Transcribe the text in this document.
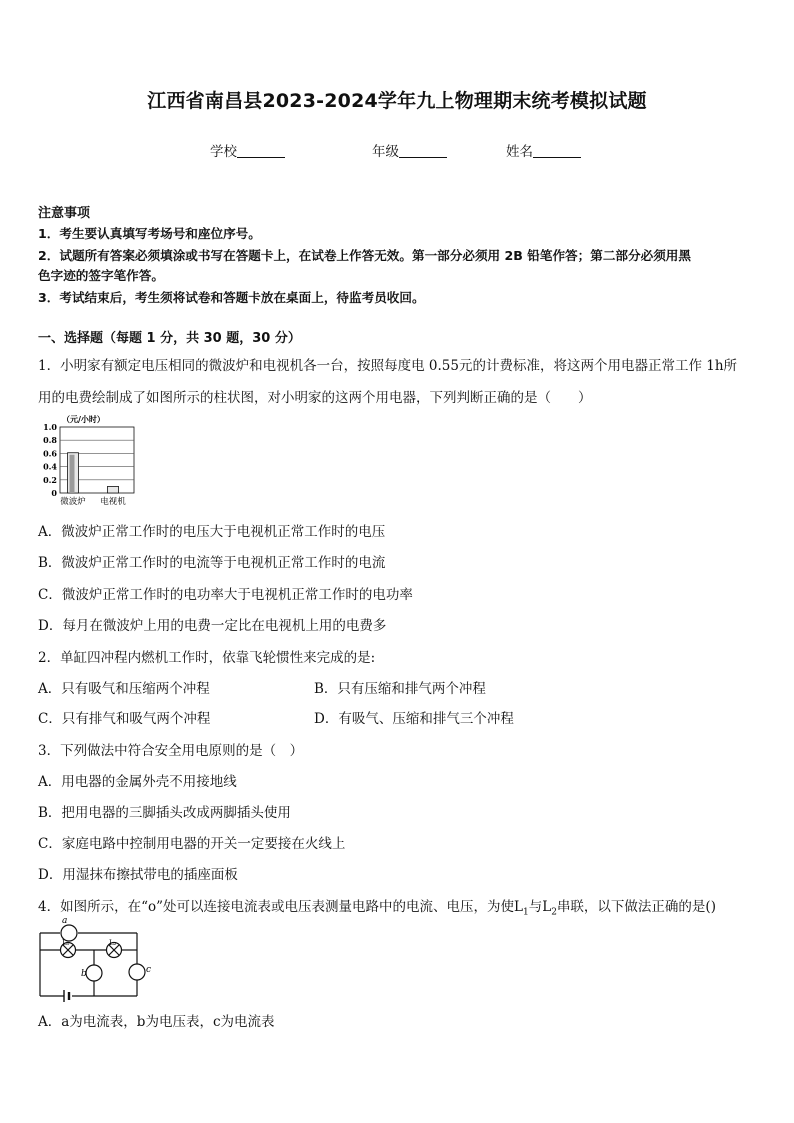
江西省南昌县2023-2024学年九上物理期末统考模拟试题
学校	年级	姓名
注意事项
1．考生要认真填写考场号和座位序号。
2．试题所有答案必须填涂或书写在答题卡上，在试卷上作答无效。第一部分必须用 2B 铅笔作答；第二部分必须用黑
色字迹的签字笔作答。
3．考试结束后，考生须将试卷和答题卡放在桌面上，待监考员收回。
一、选择题（每题 1 分，共 30 题，30 分）
1．小明家有额定电压相同的微波炉和电视机各一台，按照每度电 0.55元的计费标准，将这两个用电器正常工作 1h所
用的电费绘制成了如图所示的柱状图，对小明家的这两个用电器，下列判断正确的是（　　）
（元/小时）
1.0
0.8
0.6
0.4
0.2
0
微波炉 电视机
A．微波炉正常工作时的电压大于电视机正常工作时的电压
B．微波炉正常工作时的电流等于电视机正常工作时的电流
C．微波炉正常工作时的电功率大于电视机正常工作时的电功率
D．每月在微波炉上用的电费一定比在电视机上用的电费多
2．单缸四冲程内燃机工作时，依靠飞轮惯性来完成的是:
A．只有吸气和压缩两个冲程	B．只有压缩和排气两个冲程
C．只有排气和吸气两个冲程	D．有吸气、压缩和排气三个冲程
3．下列做法中符合安全用电原则的是（　）
A．用电器的金属外壳不用接地线
B．把用电器的三脚插头改成两脚插头使用
C．家庭电路中控制用电器的开关一定要接在火线上
D．用湿抹布擦拭带电的插座面板
4．如图所示，在“o”处可以连接电流表或电压表测量电路中的电流、电压，为使$L_1$与$L_2$串联，以下做法正确的是()
a
L₁	L₂
b	c
A．a为电流表，b为电压表，c为电流表
